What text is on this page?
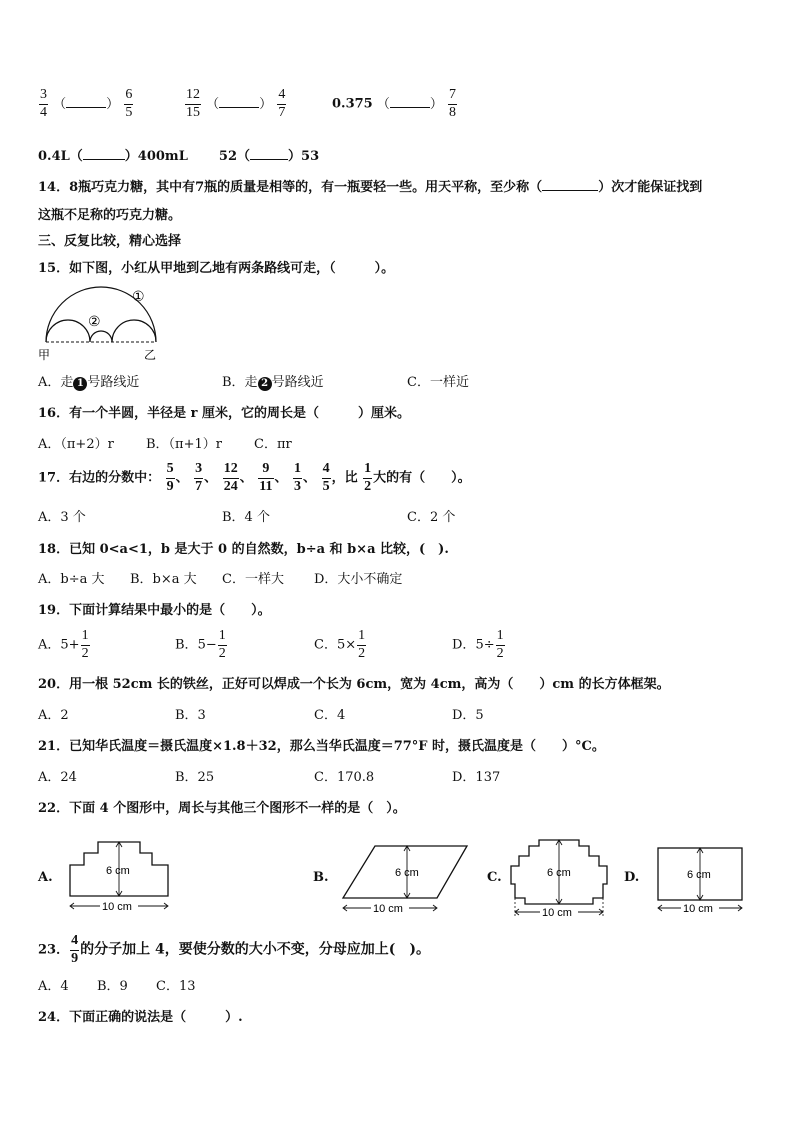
$\frac{3}{4}$ （	） $\frac{6}{5}$	$\frac{12}{15}$ （	） $\frac{4}{7}$	0.375 （	） $\frac{7}{8}$
0.4L（	）400mL 52（	）53
14．8瓶巧克力糖，其中有7瓶的质量是相等的，有一瓶要轻一些。用天平称，至少称（	）次才能保证找到
这瓶不足称的巧克力糖。
三、反复比较，精心选择
15．如下图，小红从甲地到乙地有两条路线可走，（　　　）。
①
②
甲	乙
A．走 1 号路线近	B．走 2 号路线近	C．一样近
16．有一个半圆，半径是 r 厘米，它的周长是（　　　）厘米。
A．（π+2）r B．（π+1）r C．πr
17．右边的分数中： $\frac{5}{9}$ 、 $\frac{3}{7}$ 、 $\frac{12}{24}$ 、 $\frac{9}{11}$ 、 $\frac{1}{3}$ 、 $\frac{4}{5}$ ，比 $\frac{1}{2}$ 大的有（　　）。
A．3 个	B．4 个	C．2 个
18．已知 0<a<1，b 是大于 0 的自然数，b÷a 和 b×a 比较，(　).
A．b÷a 大 B．b×a 大 C．一样大 D．大小不确定
19．下面计算结果中最小的是（　　）。
A．$5+ \frac{1}{2}$	B．$5- \frac{1}{2}$	C．$5\times \frac{1}{2}$	D．$5\div \frac{1}{2}$
20．用一根 52cm 长的铁丝，正好可以焊成一个长为 6cm，宽为 4cm，高为（　　）cm 的长方体框架。
A．2	B．3	C．4	D．5
21．已知华氏温度＝摄氏温度×1.8＋32，那么当华氏温度＝77°F 时，摄氏温度是（　　）°C。
A．24	B．25	C．170.8	D．137
22．下面 4 个图形中，周长与其他三个图形不一样的是（　）。
A.	6 cm
10 cm
B.	6 cm
10 cm
C.	6 cm
10 cm
D.	6 cm
10 cm
23． $\frac{4}{9}$ 的分子加上 4，要使分数的大小不变，分母应加上(　)。
A．4 B．9 C．13
24．下面正确的说法是（　　　）.
